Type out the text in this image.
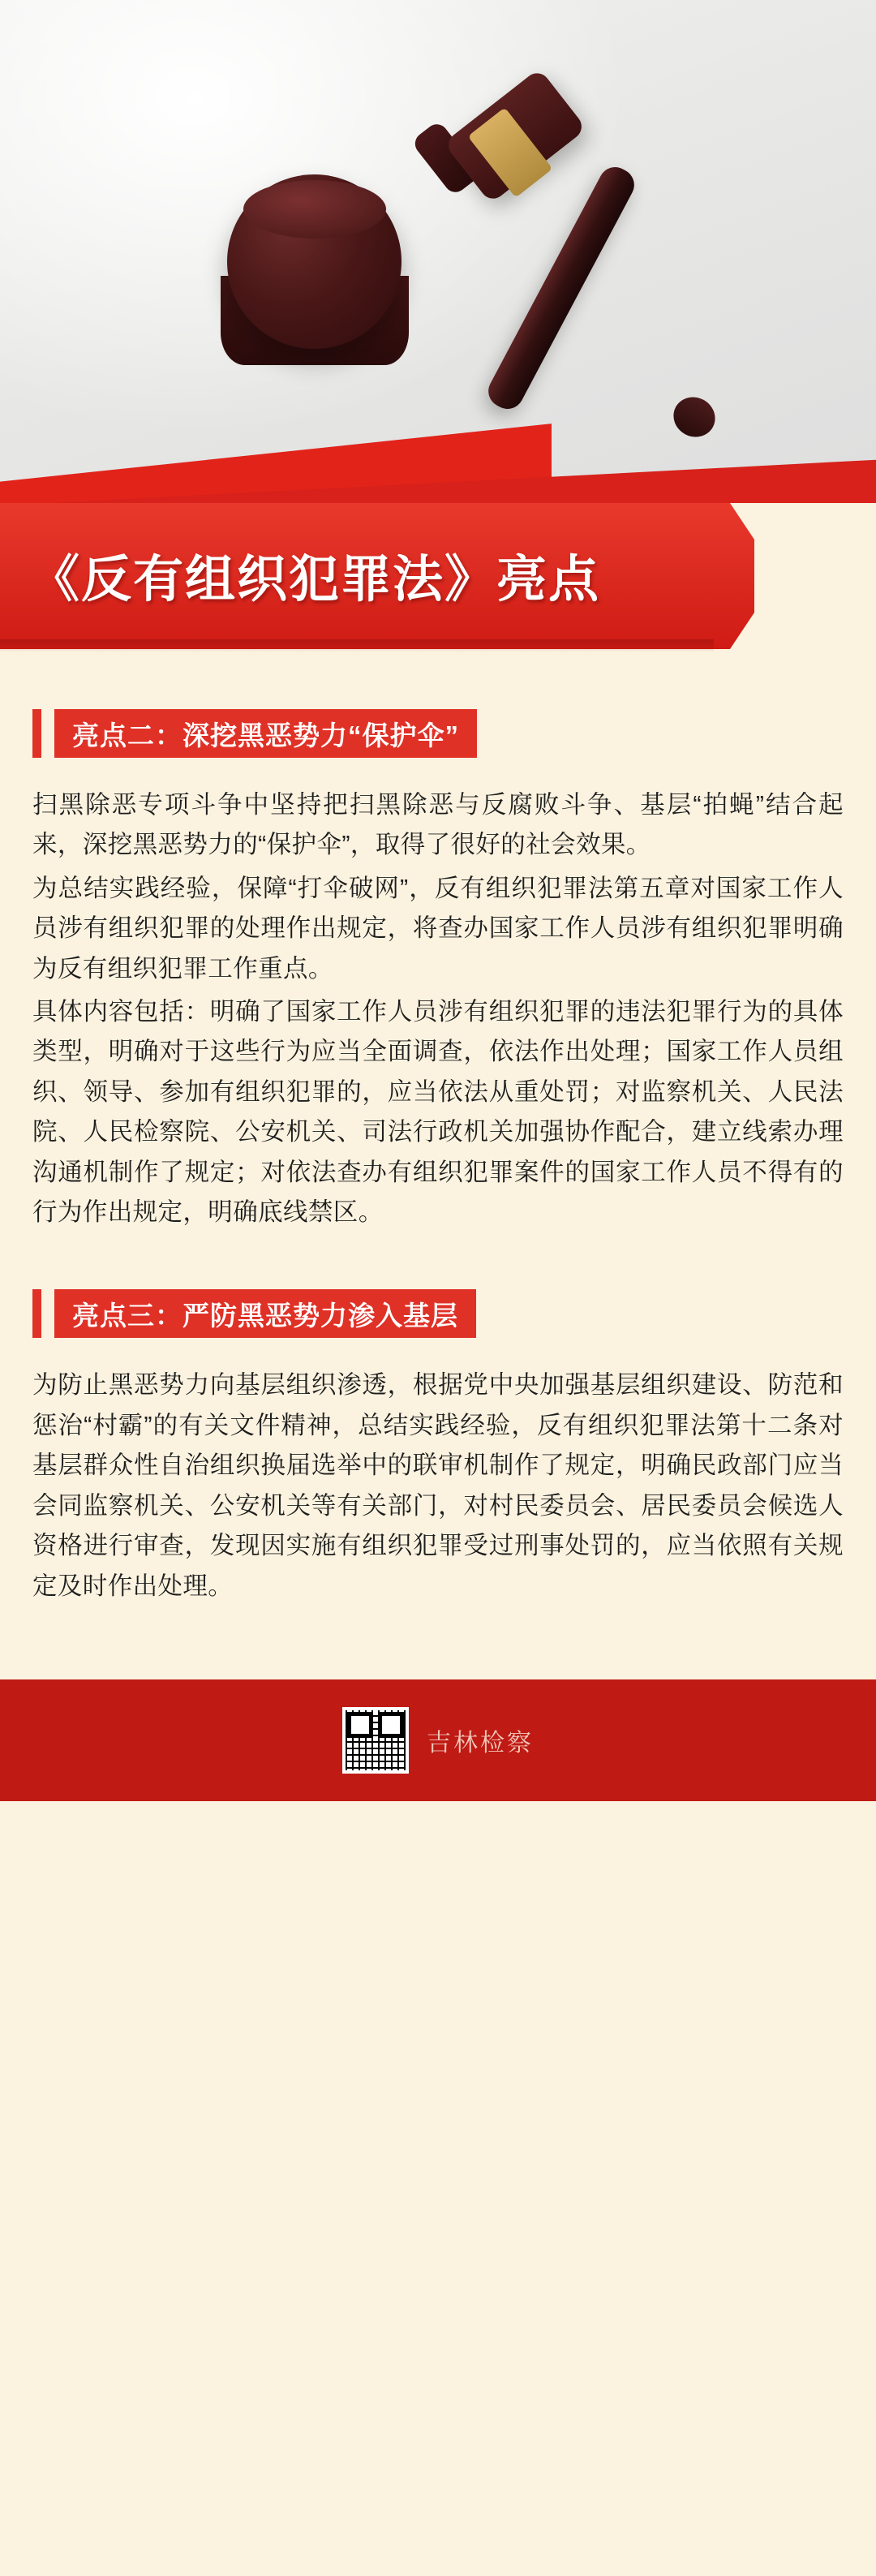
《反有组织犯罪法》亮点
亮点二：深挖黑恶势力“保护伞”

扫黑除恶专项斗争中坚持把扫黑除恶与反腐败斗争、基层“拍蝇”结合起来，深挖黑恶势力的“保护伞”，取得了很好的社会效果。

为总结实践经验，保障“打伞破网”，反有组织犯罪法第五章对国家工作人员涉有组织犯罪的处理作出规定，将查办国家工作人员涉有组织犯罪明确为反有组织犯罪工作重点。

具体内容包括：明确了国家工作人员涉有组织犯罪的违法犯罪行为的具体类型，明确对于这些行为应当全面调查，依法作出处理；国家工作人员组织、领导、参加有组织犯罪的，应当依法从重处罚；对监察机关、人民法院、人民检察院、公安机关、司法行政机关加强协作配合，建立线索办理沟通机制作了规定；对依法查办有组织犯罪案件的国家工作人员不得有的行为作出规定，明确底线禁区。

亮点三：严防黑恶势力渗入基层

为防止黑恶势力向基层组织渗透，根据党中央加强基层组织建设、防范和惩治“村霸”的有关文件精神，总结实践经验，反有组织犯罪法第十二条对基层群众性自治组织换届选举中的联审机制作了规定，明确民政部门应当会同监察机关、公安机关等有关部门，对村民委员会、居民委员会候选人资格进行审查，发现因实施有组织犯罪受过刑事处罚的，应当依照有关规定及时作出处理。

吉林检察
